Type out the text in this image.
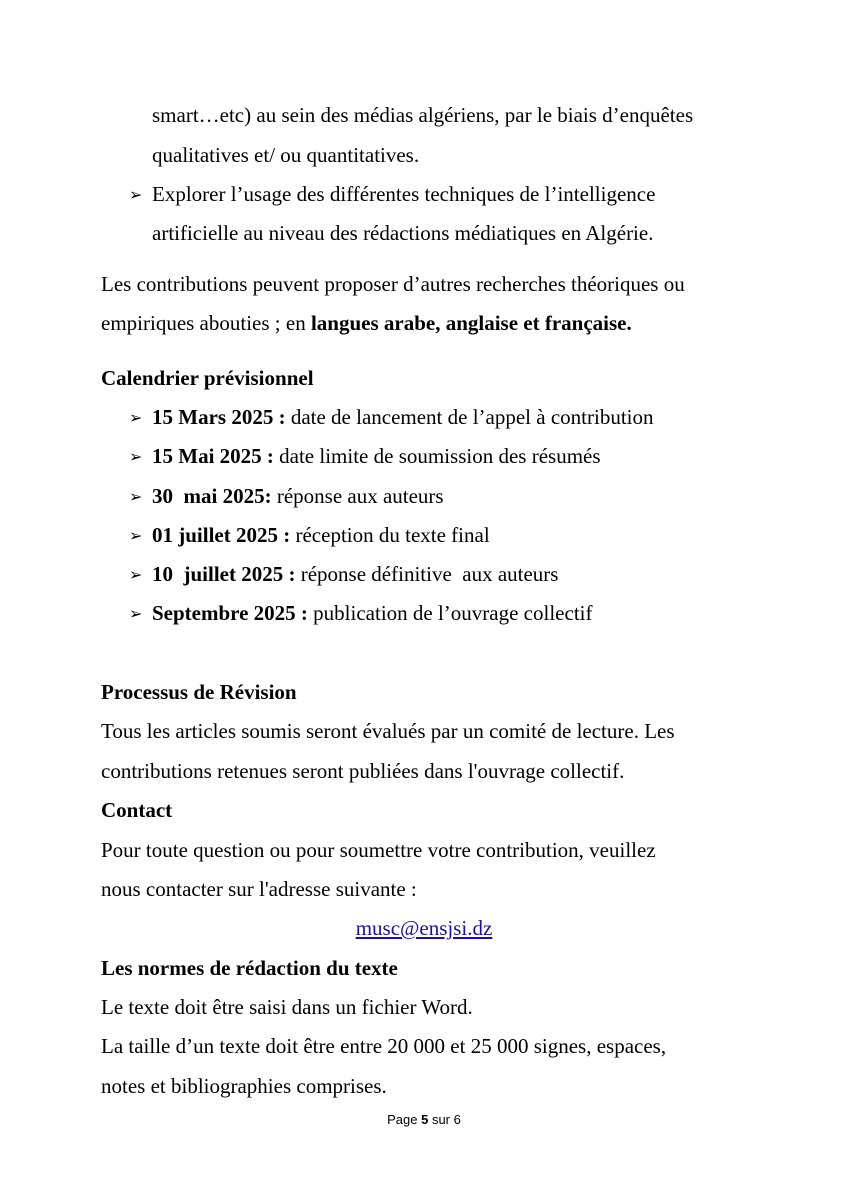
smart…etc) au sein des médias algériens, par le biais d’enquêtes
qualitatives et/ ou quantitatives.
➢ Explorer l’usage des différentes techniques de l’intelligence
artificielle au niveau des rédactions médiatiques en Algérie.
Les contributions peuvent proposer d’autres recherches théoriques ou
empiriques abouties ; en langues arabe, anglaise et française.
Calendrier prévisionnel
➢ 15 Mars 2025 : date de lancement de l’appel à contribution
➢ 15 Mai 2025 : date limite de soumission des résumés
➢ 30  mai 2025: réponse aux auteurs
➢ 01 juillet 2025 : réception du texte final
➢ 10  juillet 2025 : réponse définitive  aux auteurs
➢ Septembre 2025 : publication de l’ouvrage collectif
Processus de Révision
Tous les articles soumis seront évalués par un comité de lecture. Les
contributions retenues seront publiées dans l'ouvrage collectif.
Contact
Pour toute question ou pour soumettre votre contribution, veuillez
nous contacter sur l'adresse suivante :
musc@ensjsi.dz
Les normes de rédaction du texte
Le texte doit être saisi dans un fichier Word.
La taille d’un texte doit être entre 20 000 et 25 000 signes, espaces,
notes et bibliographies comprises.
Page 5 sur 6
